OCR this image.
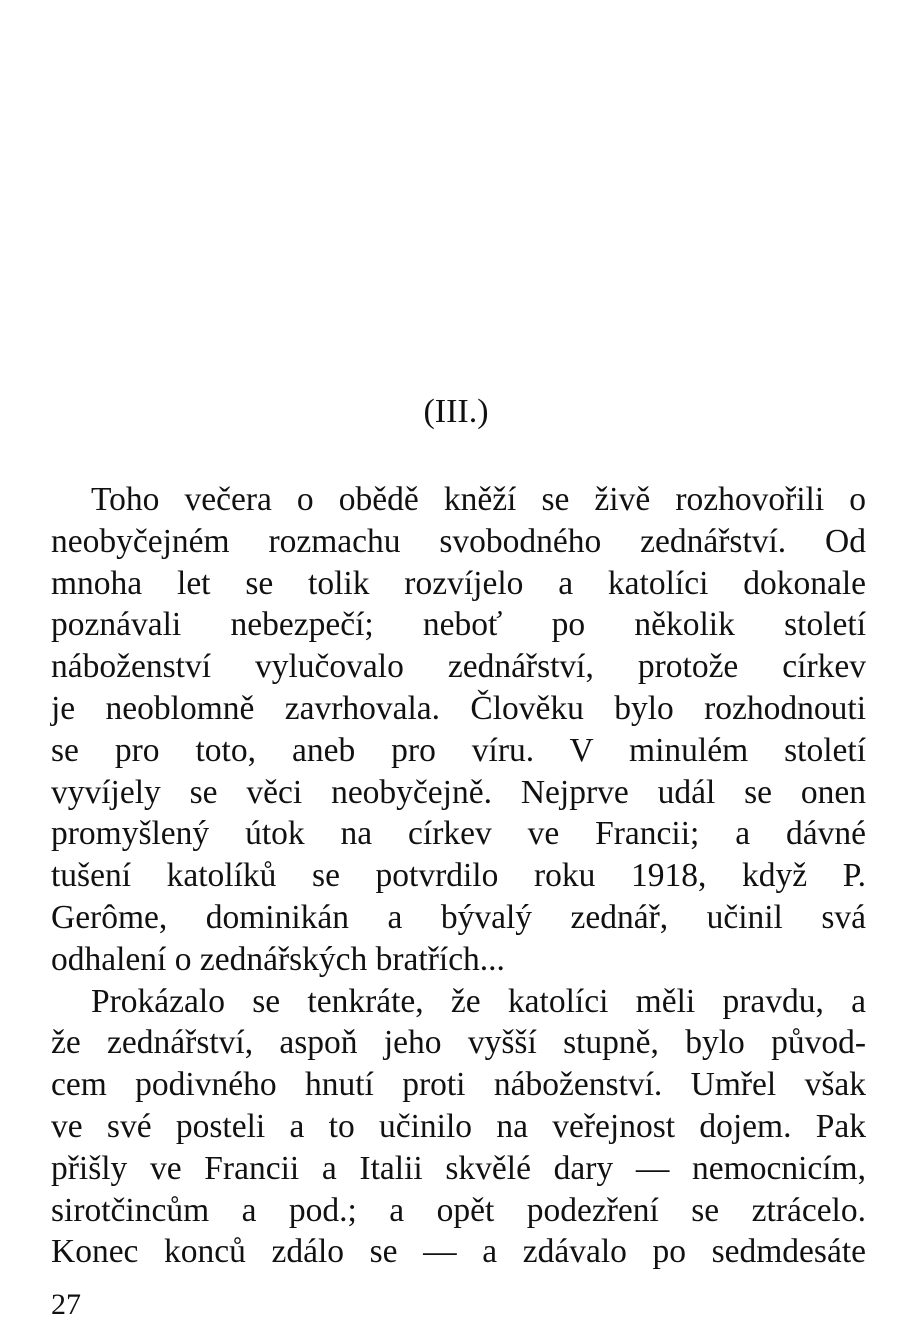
(III.)

Toho večera o obědě kněží se živě rozhovořili o
neobyčejném rozmachu svobodného zednářství. Od
mnoha let se tolik rozvíjelo a katolíci dokonale
poznávali nebezpečí; neboť po několik století
náboženství vylučovalo zednářství, protože církev
je neoblomně zavrhovala. Člověku bylo rozhodnouti
se pro toto, aneb pro víru. V minulém století
vyvíjely se věci neobyčejně. Nejprve udál se onen
promyšlený útok na církev ve Francii; a dávné
tušení katolíků se potvrdilo roku 1918, když P.
Gerôme, dominikán a bývalý zednář, učinil svá
odhalení o zednářských bratřích...

Prokázalo se tenkráte, že katolíci měli pravdu, a
že zednářství, aspoň jeho vyšší stupně, bylo původ-
cem podivného hnutí proti náboženství. Umřel však
ve své posteli a to učinilo na veřejnost dojem. Pak
přišly ve Francii a Italii skvělé dary — nemocnicím,
sirotčincům a pod.; a opět podezření se ztrácelo.
Konec konců zdálo se — a zdávalo po sedmdesáte

27
